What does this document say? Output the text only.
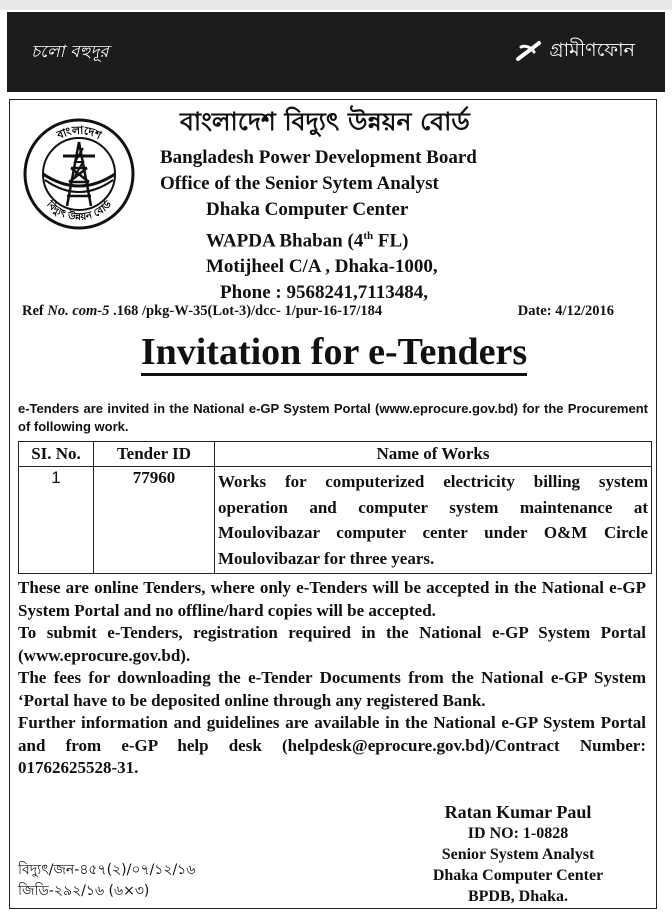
চলো বহুদূর	গ্রামীণফোন
বাংলাদেশ
বিদ্যুৎ উন্নয়ন বোর্ড
বাংলাদেশ বিদ্যুৎ উন্নয়ন বোর্ড
Bangladesh Power Development Board
Office of the Senior Sytem Analyst
Dhaka Computer Center
WAPDA Bhaban (4th FL)
Motijheel C/A , Dhaka-1000,
Phone : 9568241,7113484,
Ref No. com-5 .168 /pkg-W-35(Lot-3)/dcc- 1/pur-16-17/184	Date: 4/12/2016
Invitation for e-Tenders
e-Tenders are invited in the National e-GP System Portal (www.eprocure.gov.bd) for the Procurement of following work.
SI. No.	Tender ID	Name of Works
1	77960	Works for computerized electricity billing system operation and computer system maintenance at Moulovibazar computer center under O&M Circle Moulovibazar for three years.

These are online Tenders, where only e-Tenders will be accepted in the National e-GP System Portal and no offline/hard copies will be accepted.

To submit e-Tenders, registration required in the National e-GP System Portal (www.eprocure.gov.bd).

The fees for downloading the e-Tender Documents from the National e-GP System ‘Portal have to be deposited online through any registered Bank.

Further information and guidelines are available in the National e-GP System Portal and from e-GP help desk (helpdesk@eprocure.gov.bd)/Contract Number: 01762625528-31.

Ratan Kumar Paul
ID NO: 1-0828
Senior System Analyst
Dhaka Computer Center
BPDB, Dhaka.
বিদ্যুৎ/জন-৪৫৭(২)/০৭/১২/১৬
জিডি-২৯২/১৬ (৬×৩)
